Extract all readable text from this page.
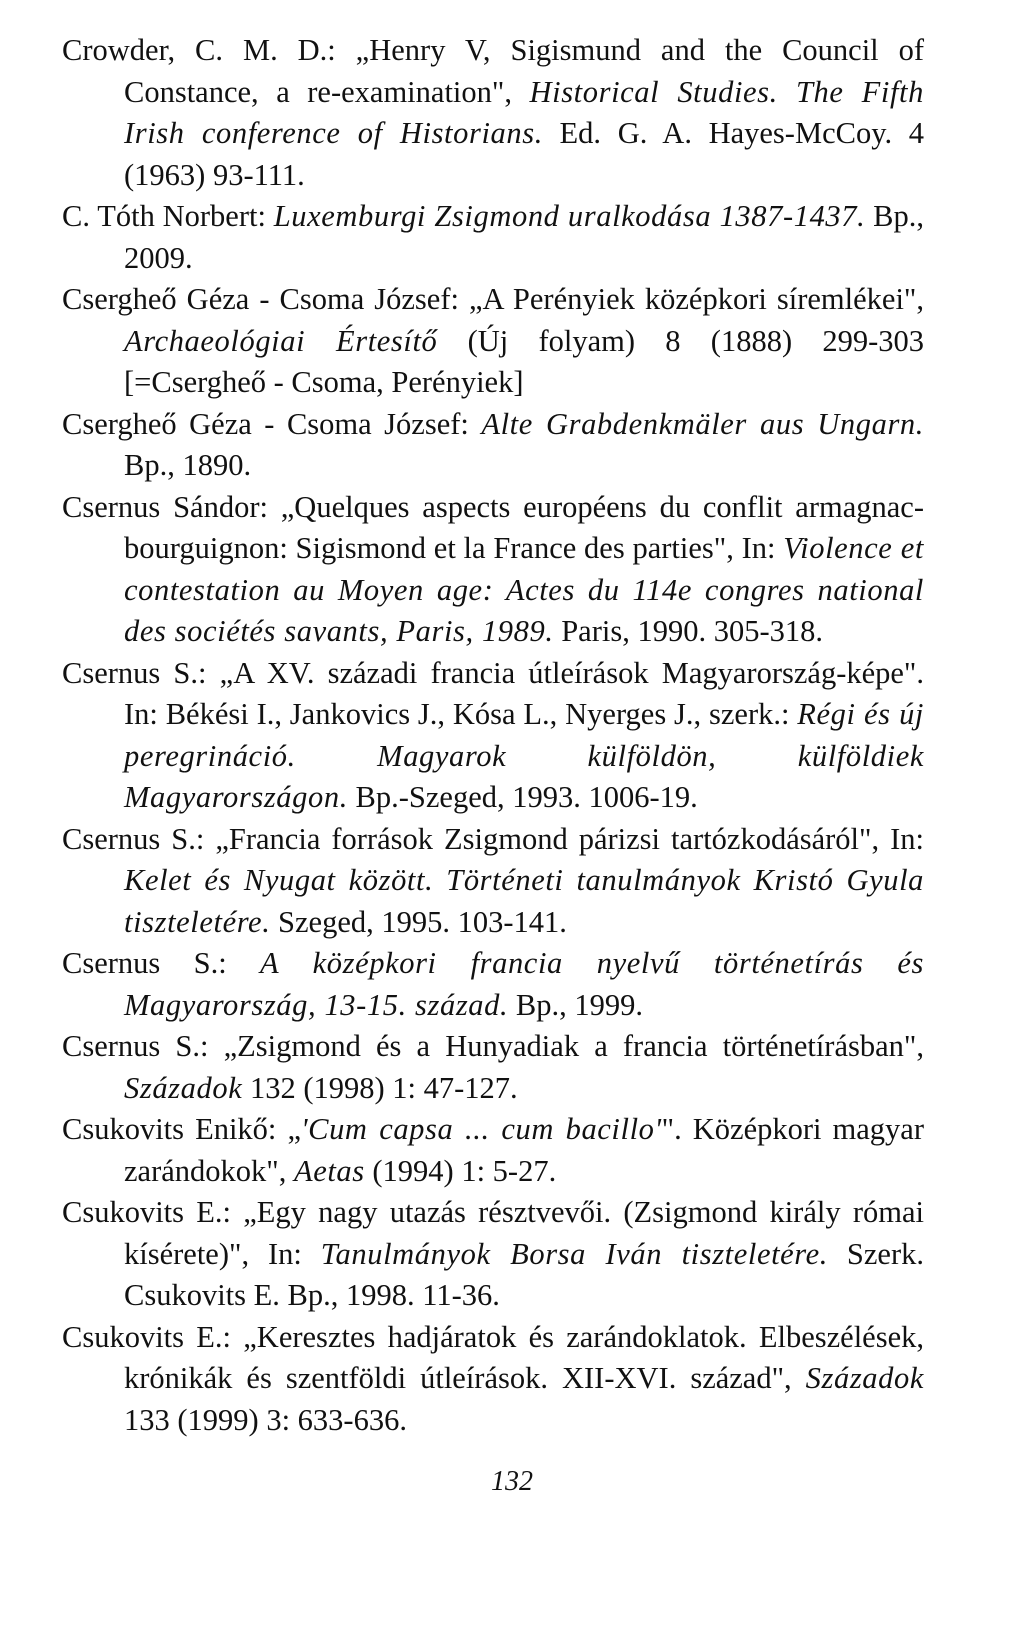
Crowder, C. M. D.: „Henry V, Sigismund and the Council of Constance, a re-examination", Historical Studies. The Fifth Irish conference of Historians. Ed. G. A. Hayes-McCoy. 4 (1963) 93-111.

C. Tóth Norbert: Luxemburgi Zsigmond uralkodása 1387-1437. Bp., 2009.

Csergheő Géza - Csoma József: „A Perényiek középkori síremlékei", Archaeológiai Értesítő (Új folyam) 8 (1888) 299-303 [=Csergheő - Csoma, Perényiek]

Csergheő Géza - Csoma József: Alte Grabdenkmäler aus Ungarn. Bp., 1890.

Csernus Sándor: „Quelques aspects européens du conflit armagnac-bourguignon: Sigismond et la France des parties", In: Violence et contestation au Moyen age: Actes du 114e congres national des sociétés savants, Paris, 1989. Paris, 1990. 305-318.

Csernus S.: „A XV. századi francia útleírások Magyarország-képe". In: Békési I., Jankovics J., Kósa L., Nyerges J., szerk.: Régi és új peregrináció. Magyarok külföldön, külföldiek Magyarországon. Bp.-Szeged, 1993. 1006-19.

Csernus S.: „Francia források Zsigmond párizsi tartózkodásáról", In: Kelet és Nyugat között. Történeti tanulmányok Kristó Gyula tiszteletére. Szeged, 1995. 103-141.

Csernus S.: A középkori francia nyelvű történetírás és Magyarország, 13-15. század. Bp., 1999.

Csernus S.: „Zsigmond és a Hunyadiak a francia történetírásban", Századok 132 (1998) 1: 47-127.

Csukovits Enikő: „'Cum capsa ... cum bacillo'". Középkori magyar zarándokok", Aetas (1994) 1: 5-27.

Csukovits E.: „Egy nagy utazás résztvevői. (Zsigmond király római kísérete)", In: Tanulmányok Borsa Iván tiszteletére. Szerk. Csukovits E. Bp., 1998. 11-36.

Csukovits E.: „Keresztes hadjáratok és zarándoklatok. Elbeszélések, krónikák és szentföldi útleírások. XII-XVI. század", Századok 133 (1999) 3: 633-636.

132
